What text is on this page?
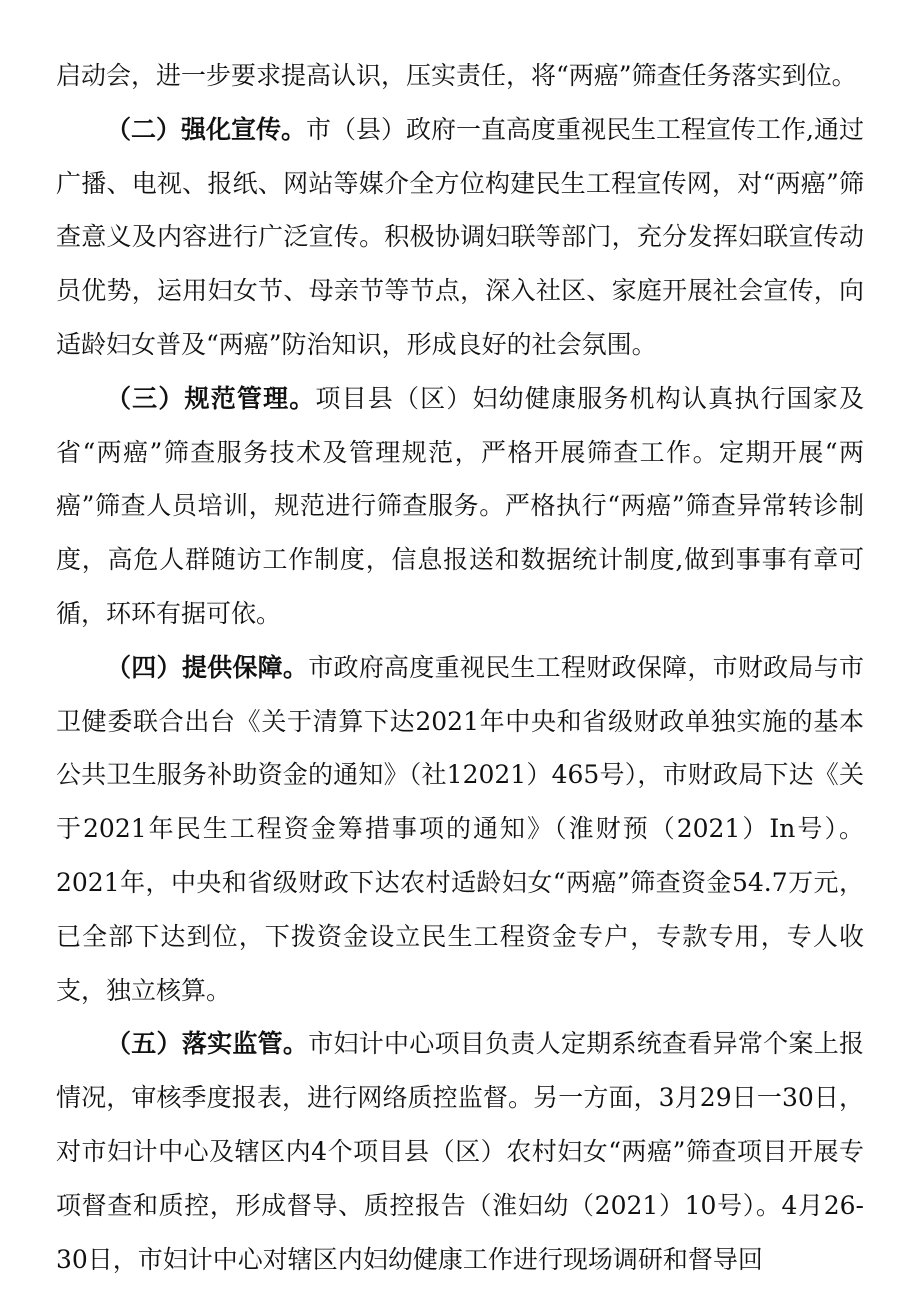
启动会，进一步要求提高认识，压实责任，将“两癌”筛查任务落实到位。

（二）强化宣传。市（县）政府一直高度重视民生工程宣传工作,通过广播、电视、报纸、网站等媒介全方位构建民生工程宣传网，对“两癌”筛查意义及内容进行广泛宣传。积极协调妇联等部门，充分发挥妇联宣传动员优势，运用妇女节、母亲节等节点，深入社区、家庭开展社会宣传，向适龄妇女普及“两癌”防治知识，形成良好的社会氛围。

（三）规范管理。项目县（区）妇幼健康服务机构认真执行国家及省“两癌”筛查服务技术及管理规范，严格开展筛查工作。定期开展“两癌”筛查人员培训，规范进行筛查服务。严格执行“两癌”筛查异常转诊制度，高危人群随访工作制度，信息报送和数据统计制度,做到事事有章可循，环环有据可依。

（四）提供保障。市政府高度重视民生工程财政保障，市财政局与市卫健委联合出台《关于清算下达2021年中央和省级财政单独实施的基本公共卫生服务补助资金的通知》（社12021）465号），市财政局下达《关于2021年民生工程资金筹措事项的通知》（淮财预（2021）In号）。2021年，中央和省级财政下达农村适龄妇女“两癌”筛查资金54.7万元，已全部下达到位，下拨资金设立民生工程资金专户，专款专用，专人收支，独立核算。

（五）落实监管。市妇计中心项目负责人定期系统查看异常个案上报情况，审核季度报表，进行网络质控监督。另一方面，3月29日一30日，对市妇计中心及辖区内4个项目县（区）农村妇女“两癌”筛查项目开展专项督查和质控，形成督导、质控报告（淮妇幼（2021）10号）。4月26-30日，市妇计中心对辖区内妇幼健康工作进行现场调研和督导回
